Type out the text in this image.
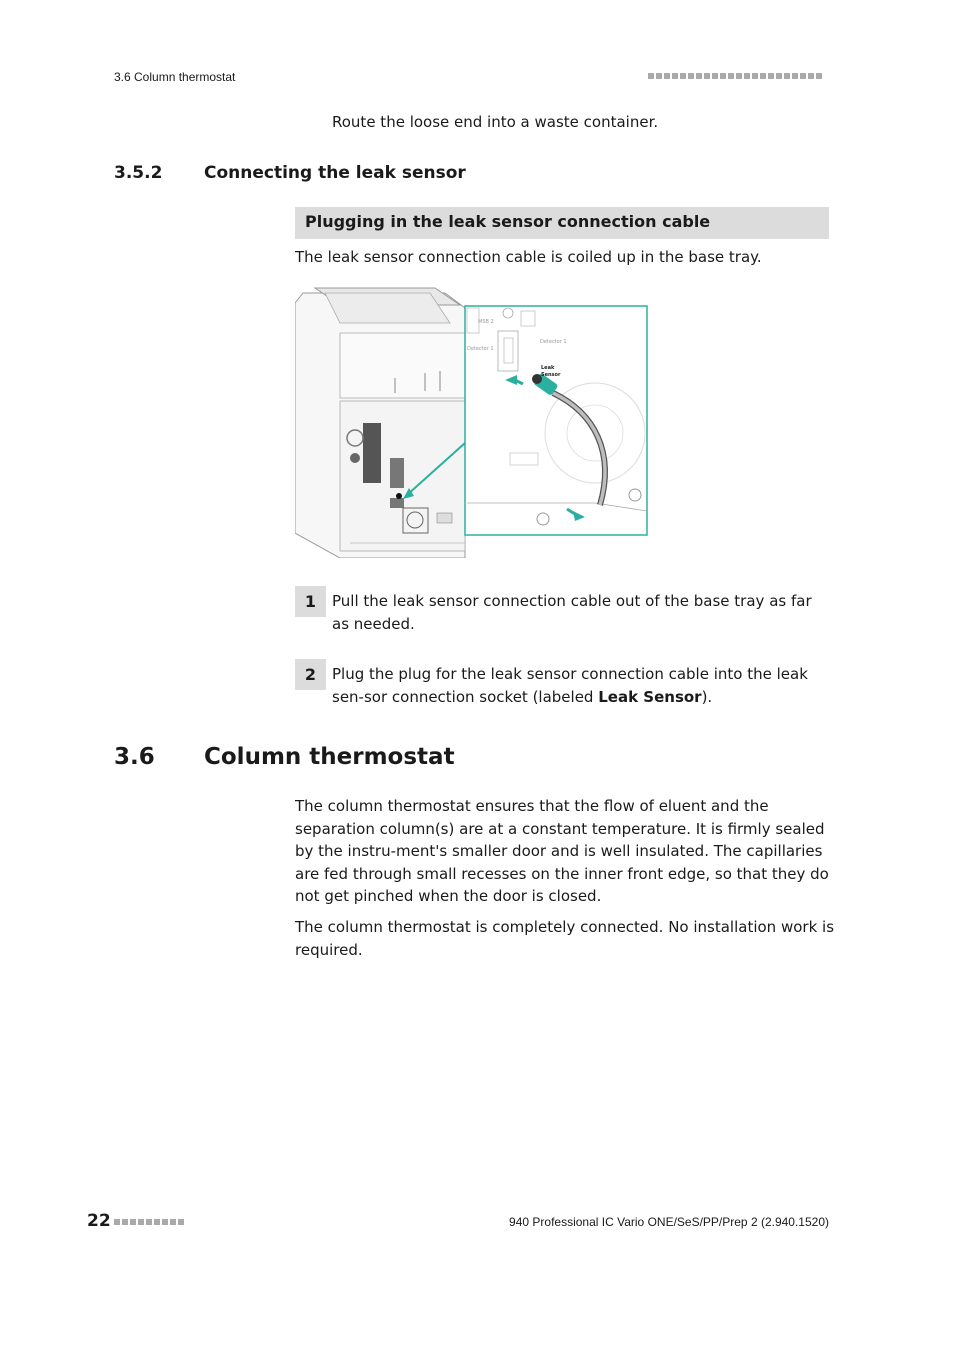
3.6 Column thermostat
Route the loose end into a waste container.
3.5.2 Connecting the leak sensor
Plugging in the leak sensor connection cable
The leak sensor connection cable is coiled up in the base tray.
MSB 2
Detector 1
Detector 1
Leak
Sensor
1	Pull the leak sensor connection cable out of the base tray as far as needed.
2	Plug the plug for the leak sensor connection cable into the leak sen-sor connection socket (labeled Leak Sensor).
3.6 Column thermostat
The column thermostat ensures that the flow of eluent and the separation column(s) are at a constant temperature. It is firmly sealed by the instru-ment's smaller door and is well insulated. The capillaries are fed through small recesses on the inner front edge, so that they do not get pinched when the door is closed.
The column thermostat is completely connected. No installation work is required.
22	940 Professional IC Vario ONE/SeS/PP/Prep 2 (2.940.1520)
